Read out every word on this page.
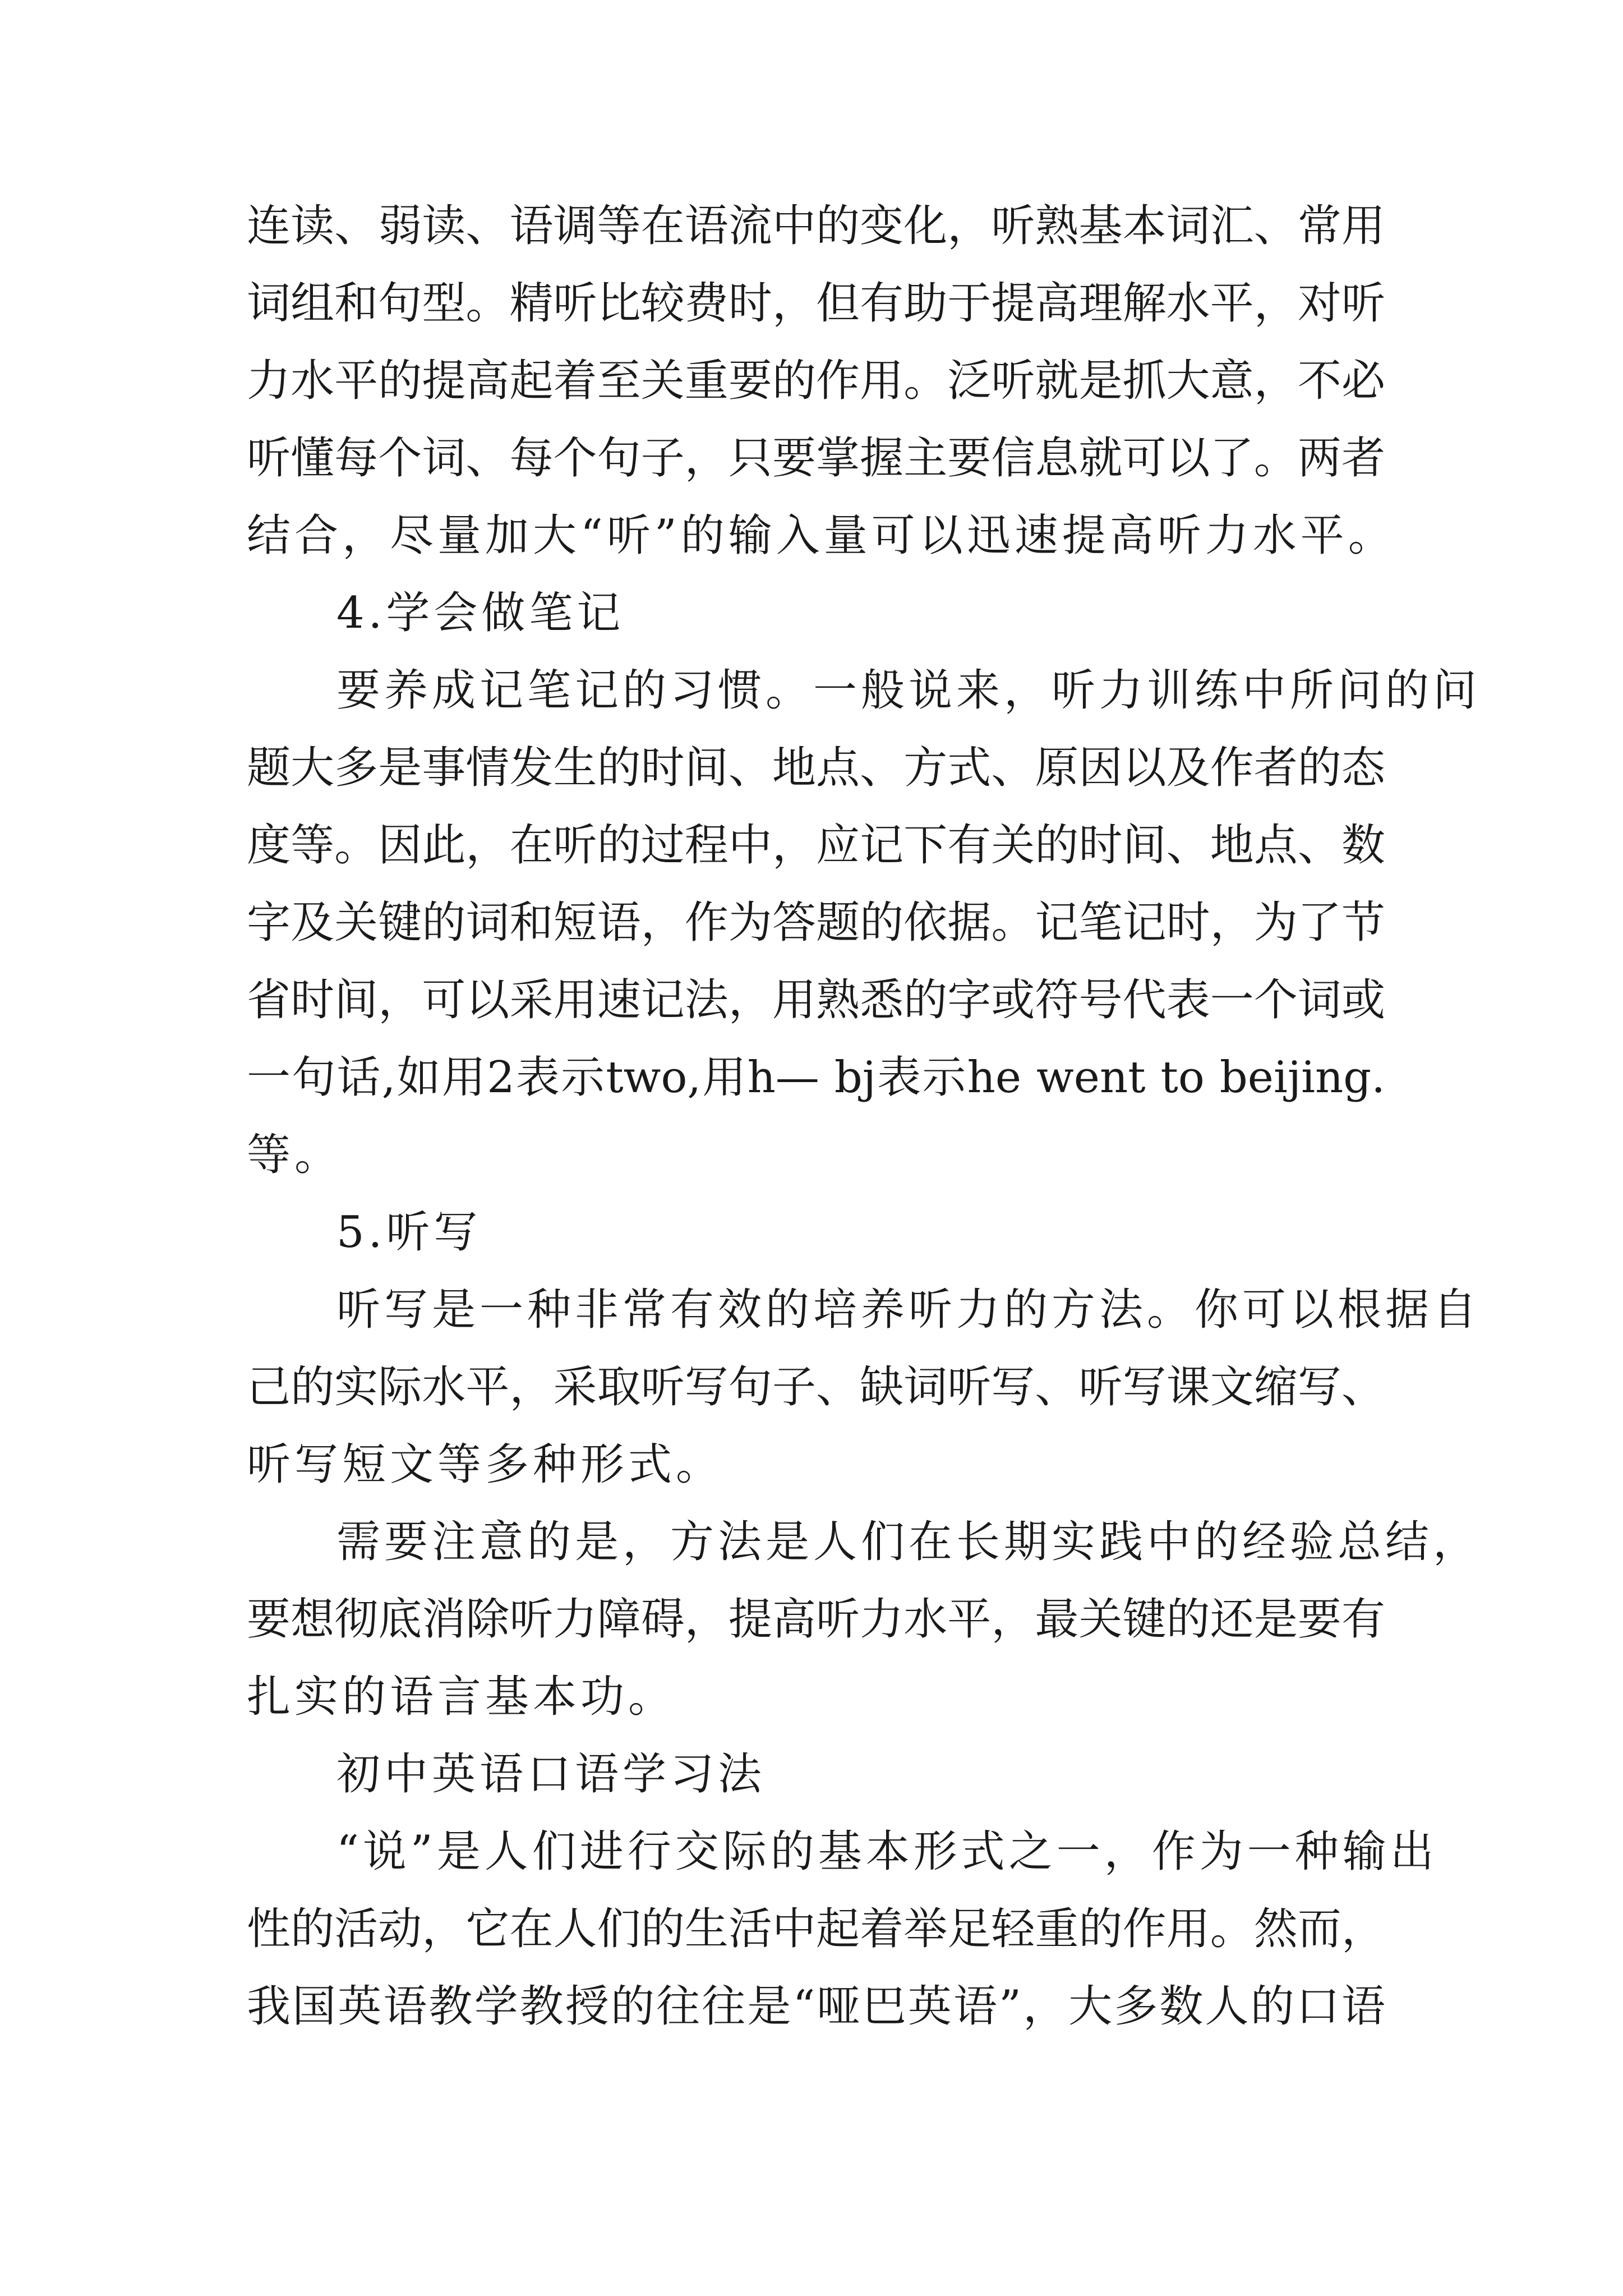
连读、弱读、语调等在语流中的变化，听熟基本词汇、常用
词组和句型。精听比较费时，但有助于提高理解水平，对听
力水平的提高起着至关重要的作用。泛听就是抓大意，不必
听懂每个词、每个句子，只要掌握主要信息就可以了。两者
结合，尽量加大“听”的输入量可以迅速提高听力水平。
4.学会做笔记
要养成记笔记的习惯。一般说来，听力训练中所问的问
题大多是事情发生的时间、地点、方式、原因以及作者的态
度等。因此，在听的过程中，应记下有关的时间、地点、数
字及关键的词和短语，作为答题的依据。记笔记时，为了节
省时间，可以采用速记法，用熟悉的字或符号代表一个词或
一句话,如用2表示two,用h— bj表示he went to beijing.
等。
5.听写
听写是一种非常有效的培养听力的方法。你可以根据自
己的实际水平，采取听写句子、缺词听写、听写课文缩写、
听写短文等多种形式。
需要注意的是，方法是人们在长期实践中的经验总结，
要想彻底消除听力障碍，提高听力水平，最关键的还是要有
扎实的语言基本功。
初中英语口语学习法
“说”是人们进行交际的基本形式之一，作为一种输出
性的活动，它在人们的生活中起着举足轻重的作用。然而，
我国英语教学教授的往往是“哑巴英语”，大多数人的口语
